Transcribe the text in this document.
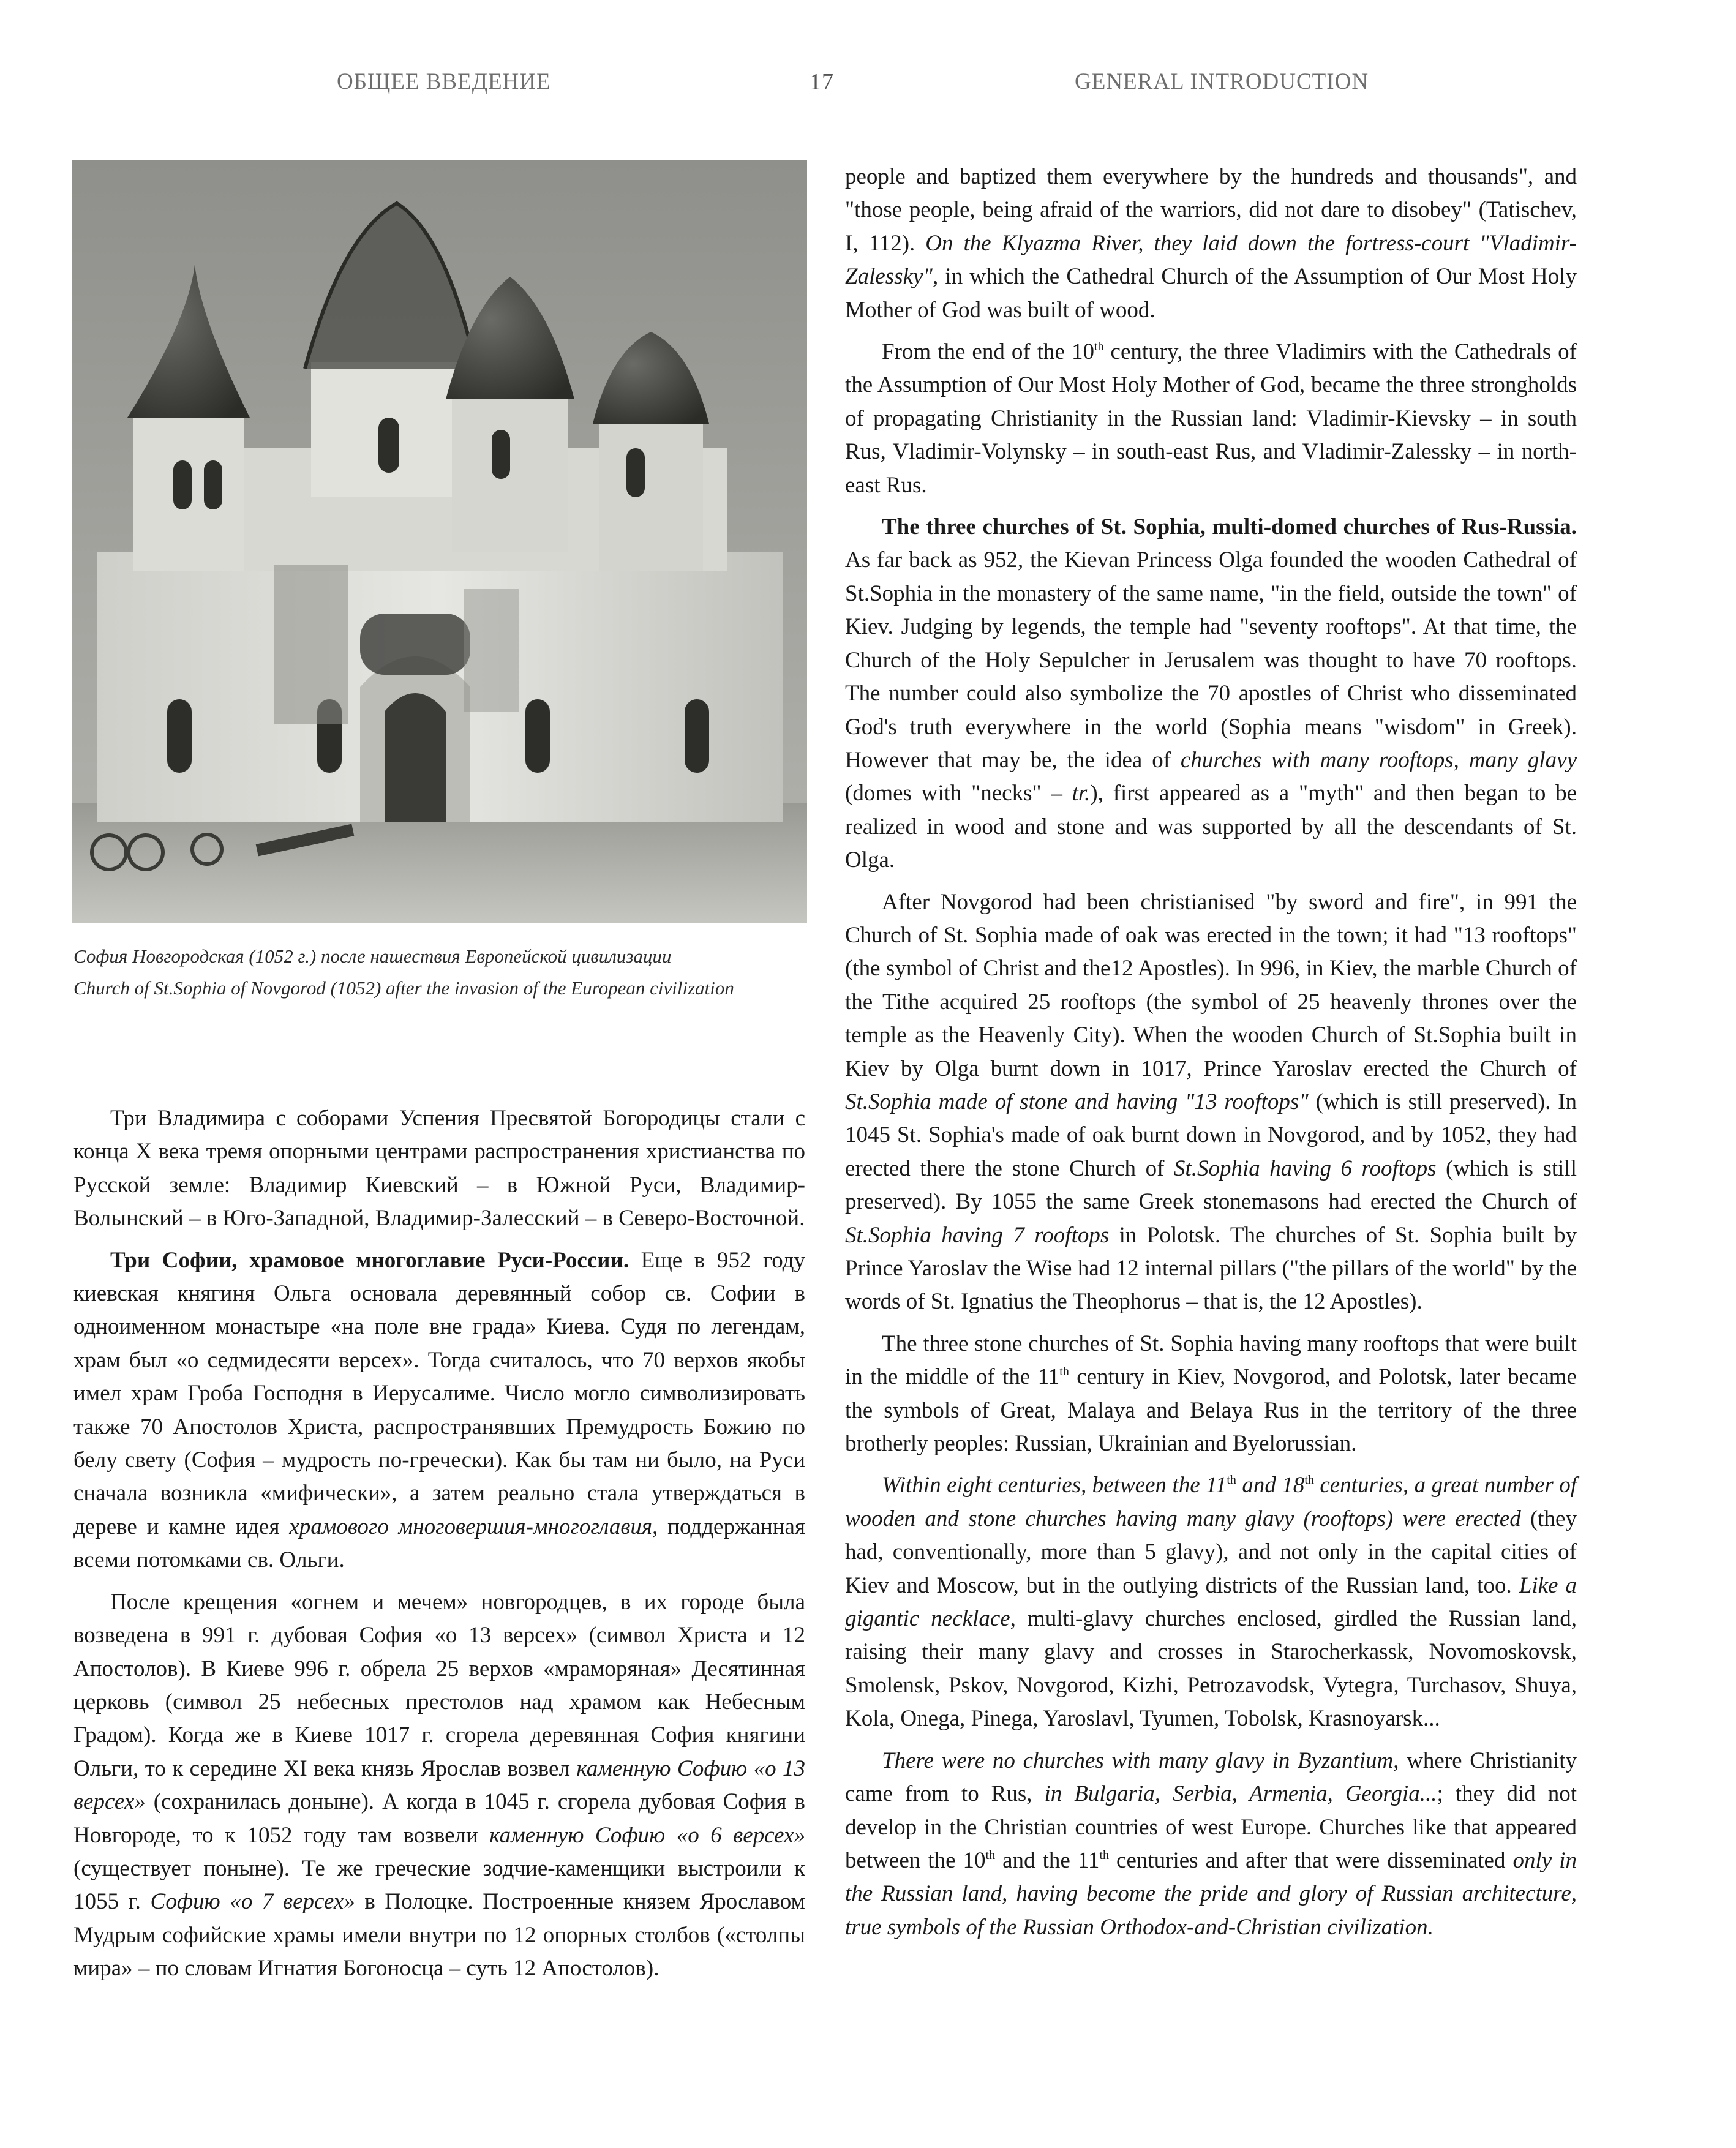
ОБЩЕЕ ВВЕДЕНИЕ	17	GENERAL INTRODUCTION
София Новгородская (1052 г.) после нашествия Европейской цивилизации
Church of St.Sophia of Novgorod (1052) after the invasion of the European civilization

Три Владимира с соборами Успения Пресвятой Богородицы стали с конца X века тремя опорными центрами распространения христианства по Русской земле: Владимир Киевский – в Южной Руси, Владимир-Волынский – в Юго-Западной, Владимир-Залесский – в Северо-Восточной.

Три Софии, храмовое многоглавие Руси-России. Еще в 952 году киевская княгиня Ольга основала деревянный собор св. Софии в одноименном монастыре «на поле вне града» Киева. Судя по легендам, храм был «о седмидесяти версех». Тогда считалось, что 70 верхов якобы имел храм Гроба Господня в Иерусалиме. Число могло символизировать также 70 Апостолов Христа, распространявших Премудрость Божию по белу свету (София – мудрость по-гречески). Как бы там ни было, на Руси сначала возникла «мифически», а затем реально стала утверждаться в дереве и камне идея храмового многовершия-многоглавия, поддержанная всеми потомками св. Ольги.

После крещения «огнем и мечем» новгородцев, в их городе была возведена в 991 г. дубовая София «о 13 версех» (символ Христа и 12 Апостолов). В Киеве 996 г. обрела 25 верхов «мраморяная» Десятинная церковь (символ 25 небесных престолов над храмом как Небесным Градом). Когда же в Киеве 1017 г. сгорела деревянная София княгини Ольги, то к середине XI века князь Ярослав возвел каменную Софию «о 13 версех» (сохранилась доныне). А когда в 1045 г. сгорела дубовая София в Новгороде, то к 1052 году там возвели каменную Софию «о 6 версех» (существует поныне). Те же греческие зодчие-каменщики выстроили к 1055 г. Софию «о 7 версех» в Полоцке. Построенные князем Ярославом Мудрым софийские храмы имели внутри по 12 опорных столбов («столпы мира» – по словам Игнатия Богоносца – суть 12 Апостолов).

people and baptized them everywhere by the hundreds and thousands", and "those people, being afraid of the warriors, did not dare to disobey" (Tatischev, I, 112). On the Klyazma River, they laid down the fortress-court "Vladimir-Zalessky", in which the Cathedral Church of the Assumption of Our Most Holy Mother of God was built of wood.

From the end of the 10th century, the three Vladimirs with the Cathedrals of the Assumption of Our Most Holy Mother of God, became the three strongholds of propagating Christianity in the Russian land: Vladimir-Kievsky – in south Rus, Vladimir-Volynsky – in south-east Rus, and Vladimir-Zalessky – in north-east Rus.

The three churches of St. Sophia, multi-domed churches of Rus-Russia. As far back as 952, the Kievan Princess Olga founded the wooden Cathedral of St.Sophia in the monastery of the same name, "in the field, outside the town" of Kiev. Judging by legends, the temple had "seventy rooftops". At that time, the Church of the Holy Sepulcher in Jerusalem was thought to have 70 rooftops. The number could also symbolize the 70 apostles of Christ who disseminated God's truth everywhere in the world (Sophia means "wisdom" in Greek). However that may be, the idea of churches with many rooftops, many glavy (domes with "necks" – tr.), first appeared as a "myth" and then began to be realized in wood and stone and was supported by all the descendants of St. Olga.

After Novgorod had been christianised "by sword and fire", in 991 the Church of St. Sophia made of oak was erected in the town; it had "13 rooftops" (the symbol of Christ and the12 Apostles). In 996, in Kiev, the marble Church of the Tithe acquired 25 rooftops (the symbol of 25 heavenly thrones over the temple as the Heavenly City). When the wooden Church of St.Sophia built in Kiev by Olga burnt down in 1017, Prince Yaroslav erected the Church of St.Sophia made of stone and having "13 rooftops" (which is still preserved). In 1045 St. Sophia's made of oak burnt down in Novgorod, and by 1052, they had erected there the stone Church of St.Sophia having 6 rooftops (which is still preserved). By 1055 the same Greek stonemasons had erected the Church of St.Sophia having 7 rooftops in Polotsk. The churches of St. Sophia built by Prince Yaroslav the Wise had 12 internal pillars ("the pillars of the world" by the words of St. Ignatius the Theophorus – that is, the 12 Apostles).

The three stone churches of St. Sophia having many rooftops that were built in the middle of the 11th century in Kiev, Novgorod, and Polotsk, later became the symbols of Great, Malaya and Belaya Rus in the territory of the three brotherly peoples: Russian, Ukrainian and Byelorussian.

Within eight centuries, between the 11th and 18th centuries, a great number of wooden and stone churches having many glavy (rooftops) were erected (they had, conventionally, more than 5 glavy), and not only in the capital cities of Kiev and Moscow, but in the outlying districts of the Russian land, too. Like a gigantic necklace, multi-glavy churches enclosed, girdled the Russian land, raising their many glavy and crosses in Starocherkassk, Novomoskovsk, Smolensk, Pskov, Novgorod, Kizhi, Petrozavodsk, Vytegra, Turchasov, Shuya, Kola, Onega, Pinega, Yaroslavl, Tyumen, Tobolsk, Krasnoyarsk...

There were no churches with many glavy in Byzantium, where Christianity came from to Rus, in Bulgaria, Serbia, Armenia, Georgia...; they did not develop in the Christian countries of west Europe. Churches like that appeared between the 10th and the 11th centuries and after that were disseminated only in the Russian land, having become the pride and glory of Russian architecture, true symbols of the Russian Orthodox-and-Christian civilization.
